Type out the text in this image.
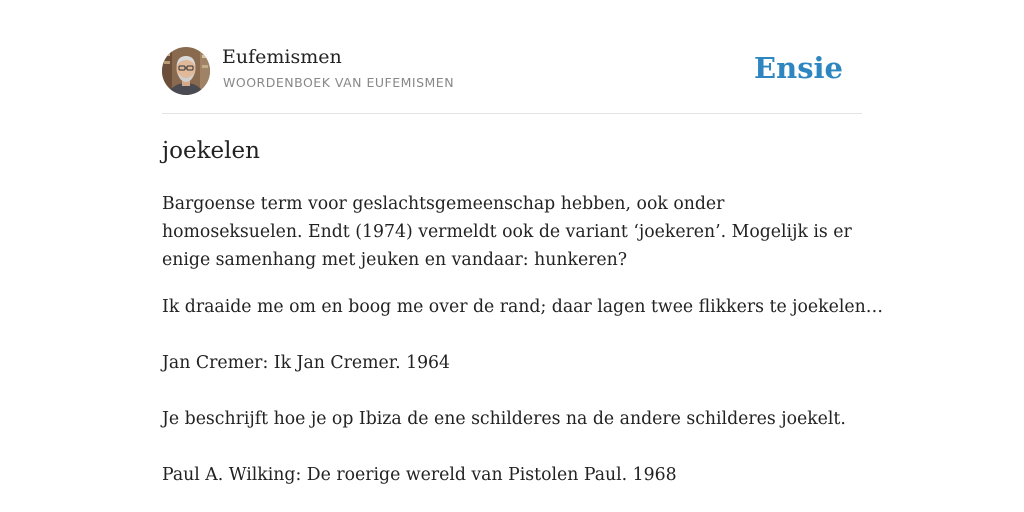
Eufemismen
WOORDENBOEK VAN EUFEMISMEN	Ensie
joekelen

Bargoense term voor geslachtsgemeenschap hebben, ook onder homoseksuelen. Endt (1974) vermeldt ook de variant ‘joekeren’. Mogelijk is er enige samenhang met jeuken en vandaar: hunkeren?

Ik draaide me om en boog me over de rand; daar lagen twee flikkers te joekelen…
Jan Cremer: Ik Jan Cremer. 1964
Je beschrijft hoe je op Ibiza de ene schilderes na de andere schilderes joekelt.
Paul A. Wilking: De roerige wereld van Pistolen Paul. 1968
